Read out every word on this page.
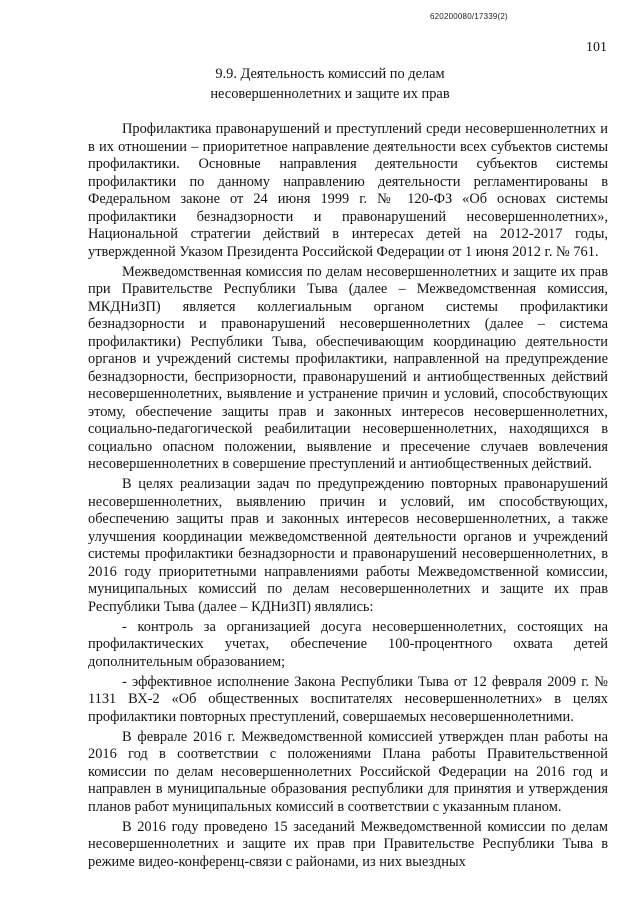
620200080/17339(2)
101
9.9. Деятельность комиссий по делам
несовершеннолетних и защите их прав

Профилактика правонарушений и преступлений среди несовершеннолетних и в их отношении – приоритетное направление деятельности всех субъектов системы профилактики. Основные направления деятельности субъектов системы профилактики по данному направлению деятельности регламентированы в Федеральном законе от 24 июня 1999 г. № 120-ФЗ «Об основах системы профилактики безнадзорности и правонарушений несовершеннолетних», Национальной стратегии действий в интересах детей на 2012-2017 годы, утвержденной Указом Президента Российской Федерации от 1 июня 2012 г. № 761.

Межведомственная комиссия по делам несовершеннолетних и защите их прав при Правительстве Республики Тыва (далее – Межведомственная комиссия, МКДНиЗП) является коллегиальным органом системы профилактики безнадзорности и правонарушений несовершеннолетних (далее – система профилактики) Республики Тыва, обеспечивающим координацию деятельности органов и учреждений системы профилактики, направленной на предупреждение безнадзорности, беспризорности, правонарушений и антиобщественных действий несовершеннолетних, выявление и устранение причин и условий, способствующих этому, обеспечение защиты прав и законных интересов несовершеннолетних, социально-педагогической реабилитации несовершеннолетних, находящихся в социально опасном положении, выявление и пресечение случаев вовлечения несовершеннолетних в совершение преступлений и антиобщественных действий.

В целях реализации задач по предупреждению повторных правонарушений несовершеннолетних, выявлению причин и условий, им способствующих, обеспечению защиты прав и законных интересов несовершеннолетних, а также улучшения координации межведомственной деятельности органов и учреждений системы профилактики безнадзорности и правонарушений несовершеннолетних, в 2016 году приоритетными направлениями работы Межведомственной комиссии, муниципальных комиссий по делам несовершеннолетних и защите их прав Республики Тыва (далее – КДНиЗП) являлись:

- контроль за организацией досуга несовершеннолетних, состоящих на профилактических учетах, обеспечение 100-процентного охвата детей дополнительным образованием;

- эффективное исполнение Закона Республики Тыва от 12 февраля 2009 г. № 1131 ВХ-2 «Об общественных воспитателях несовершеннолетних» в целях профилактики повторных преступлений, совершаемых несовершеннолетними.

В феврале 2016 г. Межведомственной комиссией утвержден план работы на 2016 год в соответствии с положениями Плана работы Правительственной комиссии по делам несовершеннолетних Российской Федерации на 2016 год и направлен в муниципальные образования республики для принятия и утверждения планов работ муниципальных комиссий в соответствии с указанным планом.

В 2016 году проведено 15 заседаний Межведомственной комиссии по делам несовершеннолетних и защите их прав при Правительстве Республики Тыва в режиме видео-конференц-связи с районами, из них выездных
